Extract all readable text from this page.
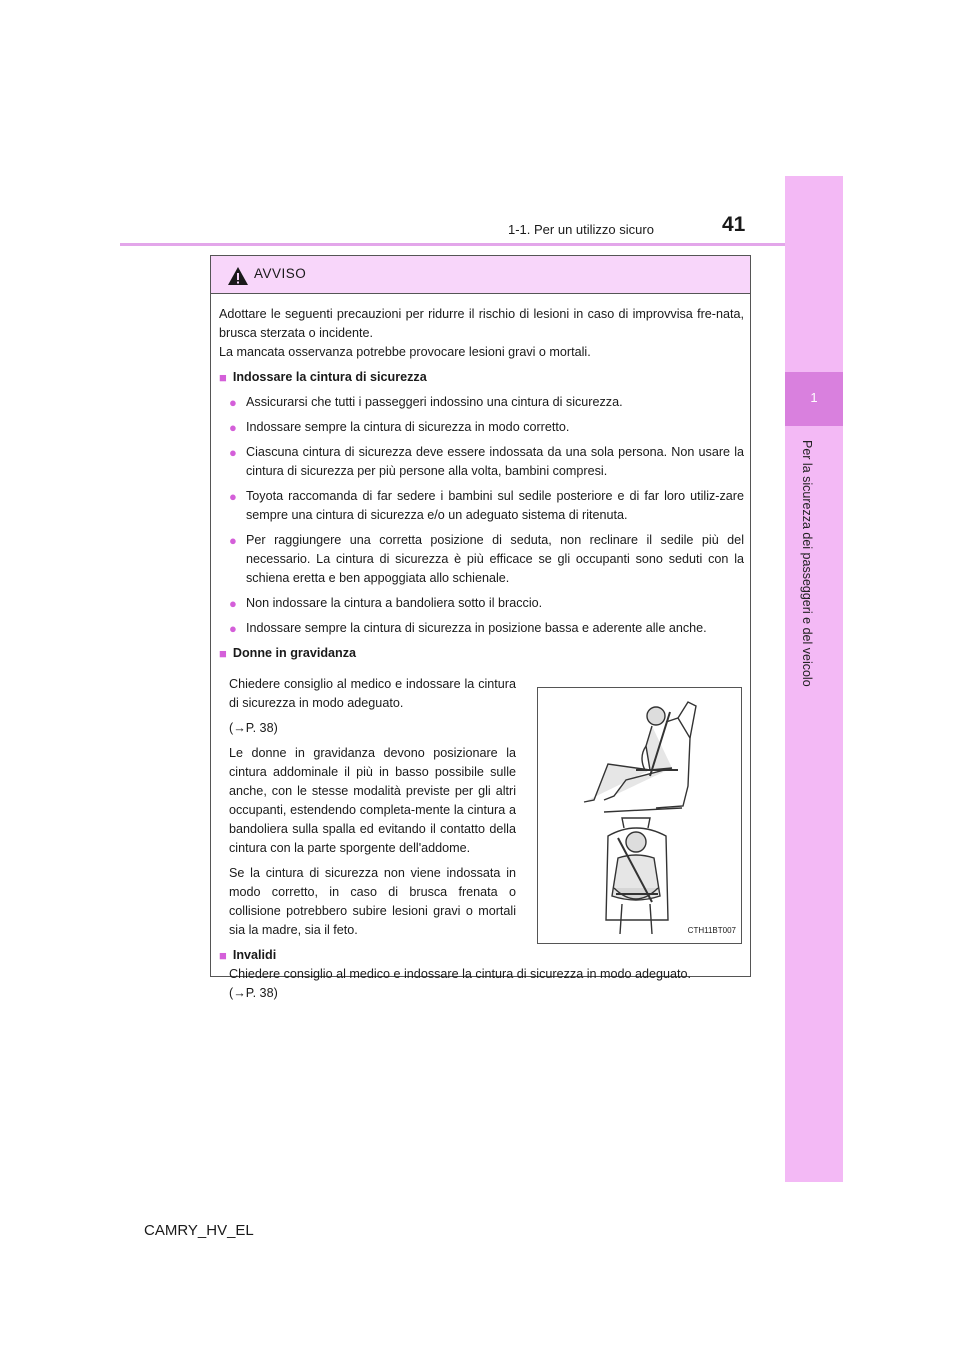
41
1-1. Per un utilizzo sicuro
1
Per la sicurezza dei passeggeri e del veicolo
AVVISO

Adottare le seguenti precauzioni per ridurre il rischio di lesioni in caso di improvvisa fre-nata, brusca sterzata o incidente.

La mancata osservanza potrebbe provocare lesioni gravi o mortali.

■ Indossare la cintura di sicurezza
● Assicurarsi che tutti i passeggeri indossino una cintura di sicurezza.
● Indossare sempre la cintura di sicurezza in modo corretto.
● Ciascuna cintura di sicurezza deve essere indossata da una sola persona. Non usare la cintura di sicurezza per più persone alla volta, bambini compresi.
● Toyota raccomanda di far sedere i bambini sul sedile posteriore e di far loro utiliz-zare sempre una cintura di sicurezza e/o un adeguato sistema di ritenuta.
● Per raggiungere una corretta posizione di seduta, non reclinare il sedile più del necessario. La cintura di sicurezza è più efficace se gli occupanti sono seduti con la schiena eretta e ben appoggiata allo schienale.
● Non indossare la cintura a bandoliera sotto il braccio.
● Indossare sempre la cintura di sicurezza in posizione bassa e aderente alle anche.
■ Donne in gravidanza

Chiedere consiglio al medico e indossare la cintura di sicurezza in modo adeguato.

(→P. 38)

Le donne in gravidanza devono posizionare la cintura addominale il più in basso possibile sulle anche, con le stesse modalità previste per gli altri occupanti, estendendo completa-mente la cintura a bandoliera sulla spalla ed evitando il contatto della cintura con la parte sporgente dell'addome.

Se la cintura di sicurezza non viene indossata in modo corretto, in caso di brusca frenata o collisione potrebbero subire lesioni gravi o mortali sia la madre, sia il feto.

■ Invalidi

Chiedere consiglio al medico e indossare la cintura di sicurezza in modo adeguato.

(→P. 38)

CTH11BT007
CAMRY_HV_EL
